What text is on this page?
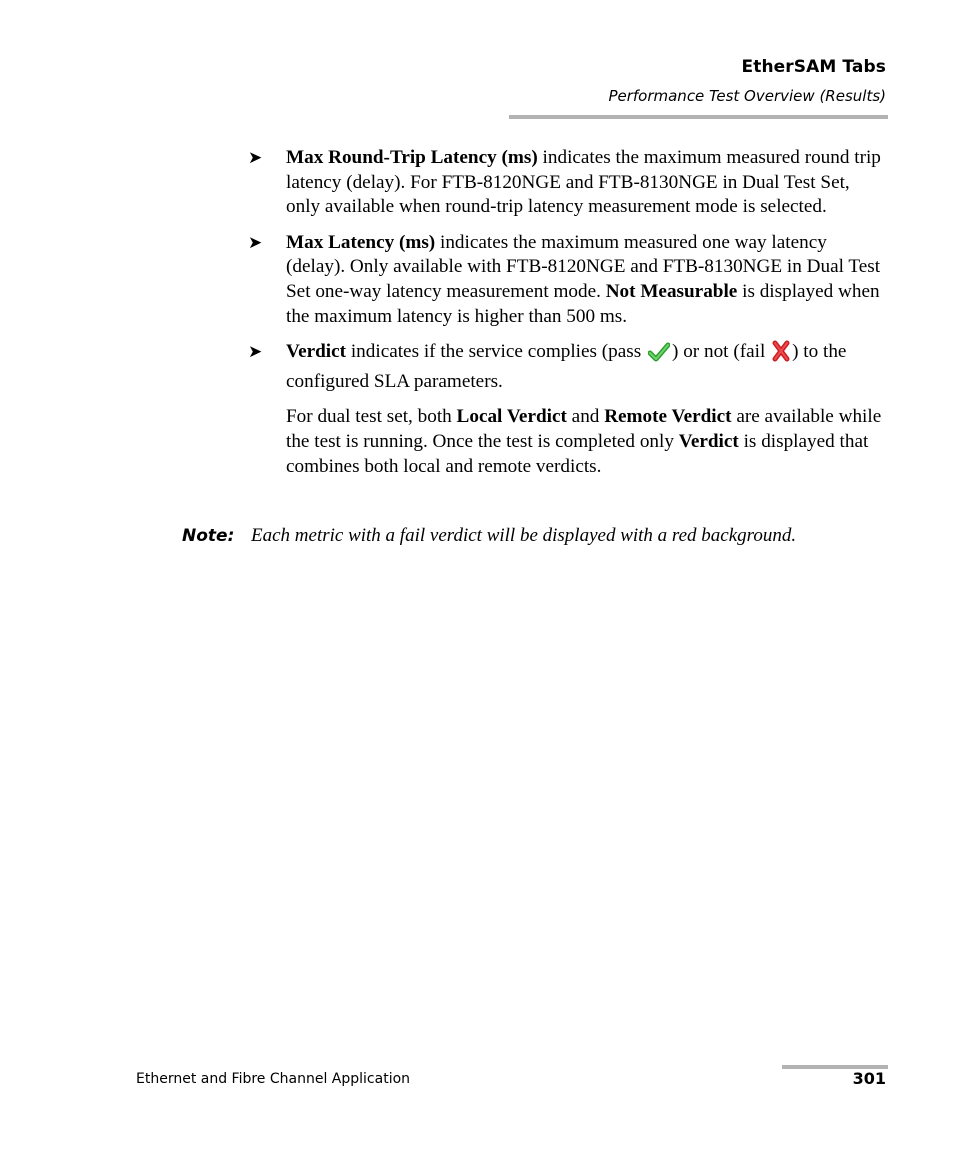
EtherSAM Tabs
Performance Test Overview (Results)
➤ Max Round-Trip Latency (ms) indicates the maximum measured round trip latency (delay). For FTB-8120NGE and FTB-8130NGE in Dual Test Set, only available when round-trip latency measurement mode is selected.
➤ Max Latency (ms) indicates the maximum measured one way latency (delay). Only available with FTB-8120NGE and FTB-8130NGE in Dual Test Set one-way latency measurement mode. Not Measurable is displayed when the maximum latency is higher than 500 ms.
➤ Verdict indicates if the service complies (pass ) or not (fail ) to the configured SLA parameters.
For dual test set, both Local Verdict and Remote Verdict are available while the test is running. Once the test is completed only Verdict is displayed that combines both local and remote verdicts.
Note: Each metric with a fail verdict will be displayed with a red background.
Ethernet and Fibre Channel Application	301
